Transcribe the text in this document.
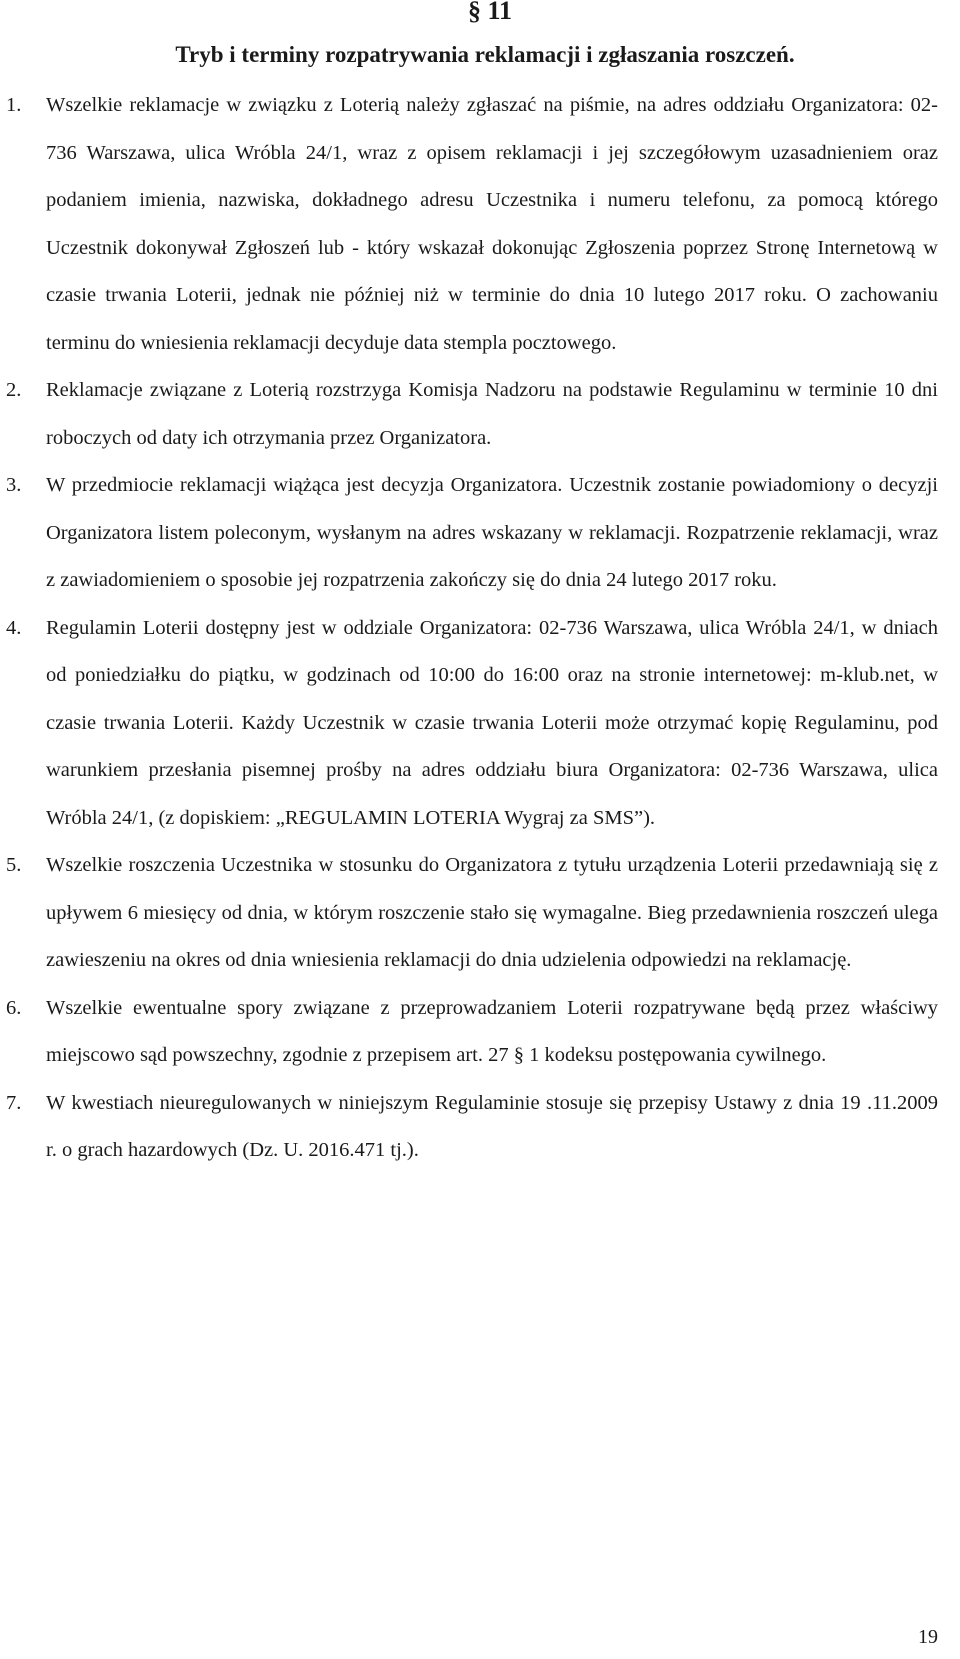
§ 11
Tryb i terminy rozpatrywania reklamacji i zgłaszania roszczeń.
1. Wszelkie reklamacje w związku z Loterią należy zgłaszać na piśmie, na adres oddziału Organizatora: 02-736 Warszawa, ulica Wróbla 24/1, wraz z opisem reklamacji i jej szczegółowym uzasadnieniem oraz podaniem imienia, nazwiska, dokładnego adresu Uczestnika i numeru telefonu, za pomocą którego Uczestnik dokonywał Zgłoszeń lub - który wskazał dokonując Zgłoszenia poprzez Stronę Internetową w czasie trwania Loterii, jednak nie później niż w terminie do dnia 10 lutego 2017 roku. O zachowaniu terminu do wniesienia reklamacji decyduje data stempla pocztowego.
2. Reklamacje związane z Loterią rozstrzyga Komisja Nadzoru na podstawie Regulaminu w terminie 10 dni roboczych od daty ich otrzymania przez Organizatora.
3. W przedmiocie reklamacji wiążąca jest decyzja Organizatora. Uczestnik zostanie powiadomiony o decyzji Organizatora listem poleconym, wysłanym na adres wskazany w reklamacji. Rozpatrzenie reklamacji, wraz z zawiadomieniem o sposobie jej rozpatrzenia zakończy się do dnia 24 lutego 2017 roku.
4. Regulamin Loterii dostępny jest w oddziale Organizatora: 02-736 Warszawa, ulica Wróbla 24/1, w dniach od poniedziałku do piątku, w godzinach od 10:00 do 16:00 oraz na stronie internetowej: m-klub.net, w czasie trwania Loterii. Każdy Uczestnik w czasie trwania Loterii może otrzymać kopię Regulaminu, pod warunkiem przesłania pisemnej prośby na adres oddziału biura Organizatora: 02-736 Warszawa, ulica Wróbla 24/1, (z dopiskiem: „REGULAMIN LOTERIA Wygraj za SMS”).
5. Wszelkie roszczenia Uczestnika w stosunku do Organizatora z tytułu urządzenia Loterii przedawniają się z upływem 6 miesięcy od dnia, w którym roszczenie stało się wymagalne. Bieg przedawnienia roszczeń ulega zawieszeniu na okres od dnia wniesienia reklamacji do dnia udzielenia odpowiedzi na reklamację.
6. Wszelkie ewentualne spory związane z przeprowadzaniem Loterii rozpatrywane będą przez właściwy miejscowo sąd powszechny, zgodnie z przepisem art. 27 § 1 kodeksu postępowania cywilnego.
7. W kwestiach nieuregulowanych w niniejszym Regulaminie stosuje się przepisy Ustawy z dnia 19 .11.2009 r. o grach hazardowych (Dz. U. 2016.471 tj.).
19
